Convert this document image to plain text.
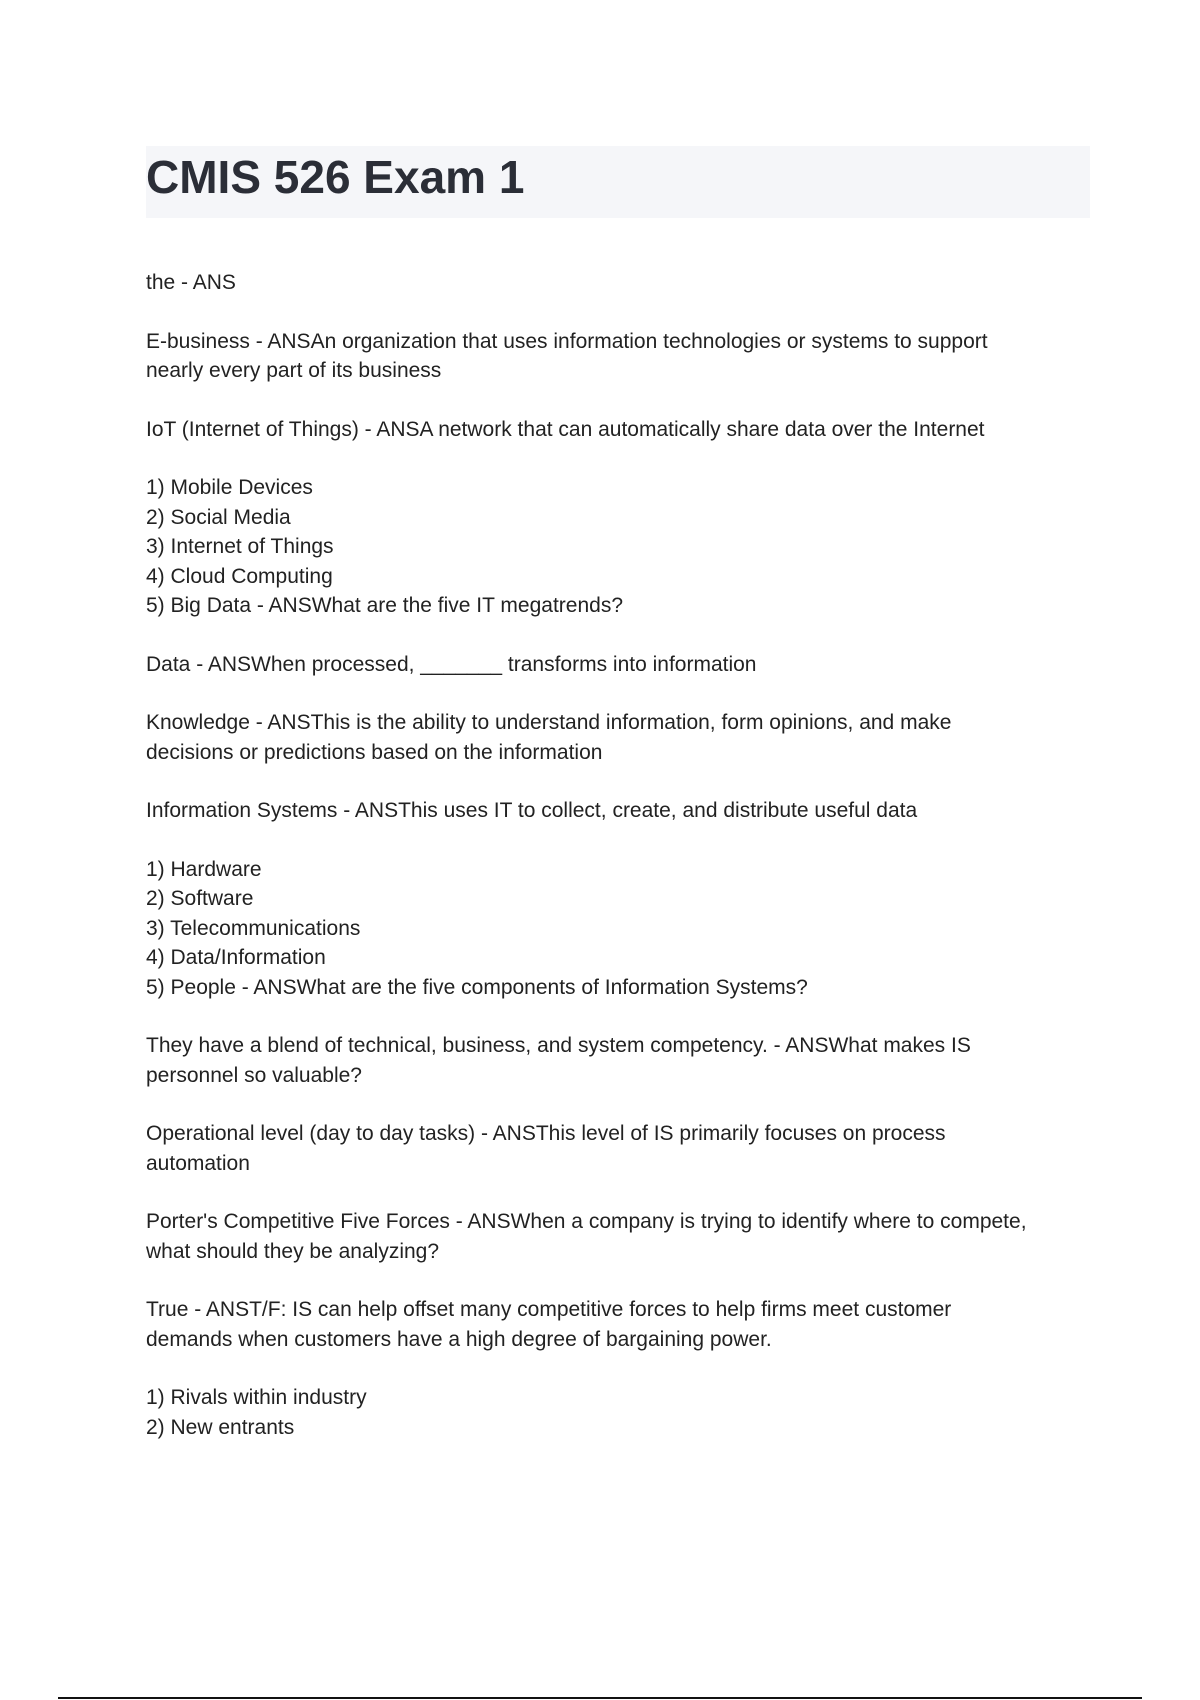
CMIS 526 Exam 1

the - ANS

E-business - ANSAn organization that uses information technologies or systems to support
nearly every part of its business

IoT (Internet of Things) - ANSA network that can automatically share data over the Internet

1) Mobile Devices
2) Social Media
3) Internet of Things
4) Cloud Computing
5) Big Data - ANSWhat are the five IT megatrends?

Data - ANSWhen processed, _______ transforms into information

Knowledge - ANSThis is the ability to understand information, form opinions, and make
decisions or predictions based on the information

Information Systems - ANSThis uses IT to collect, create, and distribute useful data

1) Hardware
2) Software
3) Telecommunications
4) Data/Information
5) People - ANSWhat are the five components of Information Systems?

They have a blend of technical, business, and system competency. - ANSWhat makes IS
personnel so valuable?

Operational level (day to day tasks) - ANSThis level of IS primarily focuses on process
automation

Porter's Competitive Five Forces - ANSWhen a company is trying to identify where to compete,
what should they be analyzing?

True - ANST/F: IS can help offset many competitive forces to help firms meet customer
demands when customers have a high degree of bargaining power.

1) Rivals within industry
2) New entrants
